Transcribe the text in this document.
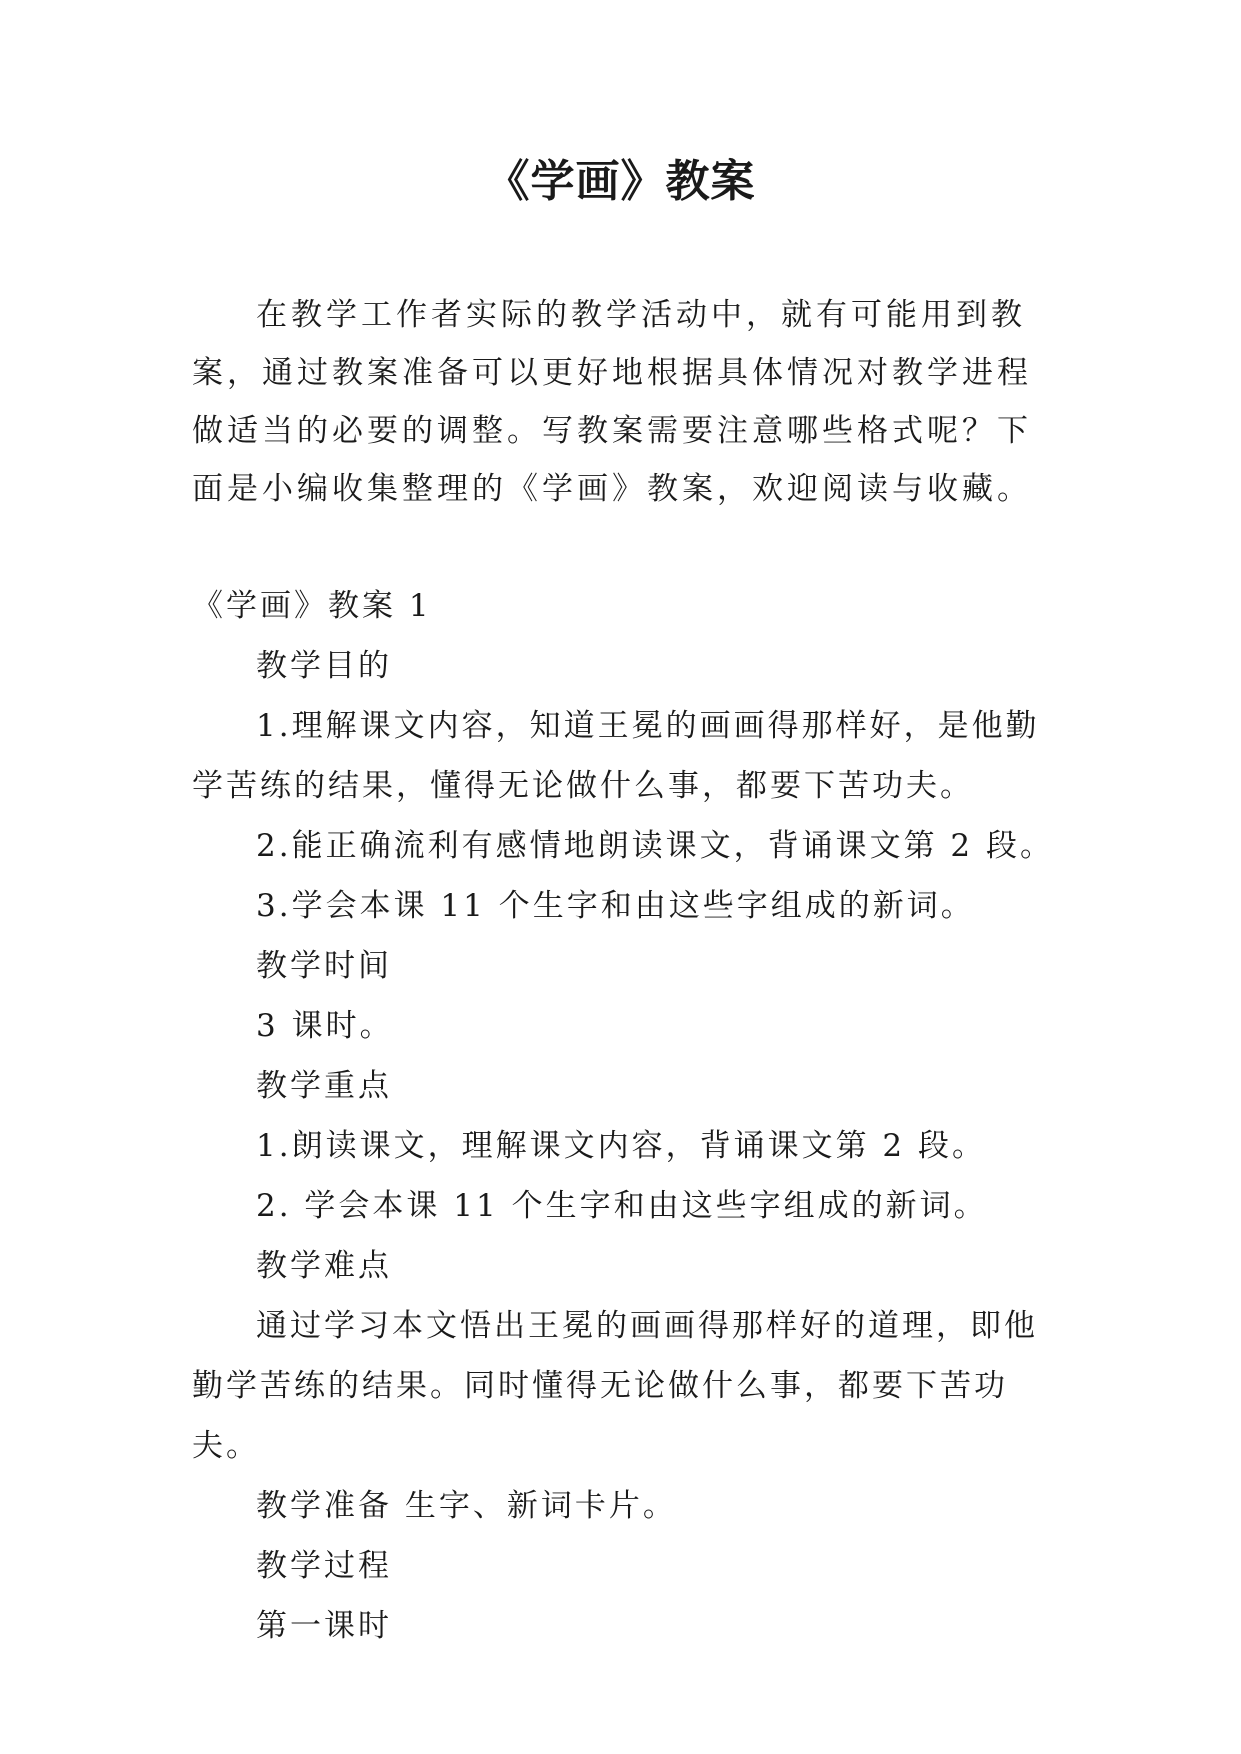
《学画》教案

在教学工作者实际的教学活动中，就有可能用到教案，通过教案准备可以更好地根据具体情况对教学进程做适当的必要的调整。写教案需要注意哪些格式呢？下面是小编收集整理的《学画》教案，欢迎阅读与收藏。

《学画》教案 1

教学目的

1.理解课文内容，知道王冕的画画得那样好，是他勤学苦练的结果，懂得无论做什么事，都要下苦功夫。

2.能正确流利有感情地朗读课文，背诵课文第 2 段。

3.学会本课 11 个生字和由这些字组成的新词。

教学时间

3 课时。

教学重点

1.朗读课文，理解课文内容，背诵课文第 2 段。

2. 学会本课 11 个生字和由这些字组成的新词。

教学难点

通过学习本文悟出王冕的画画得那样好的道理，即他勤学苦练的结果。同时懂得无论做什么事，都要下苦功夫。

教学准备 生字、新词卡片。

教学过程

第一课时
